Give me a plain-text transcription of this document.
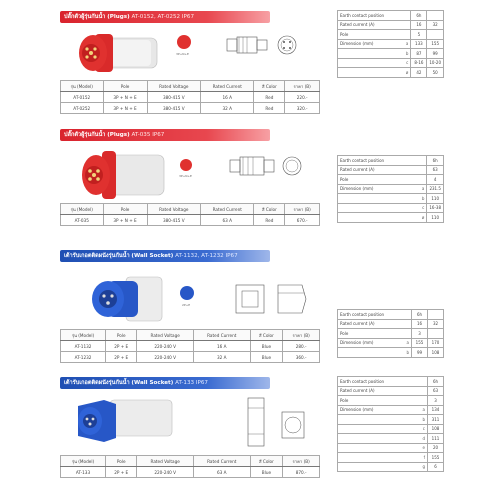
ปลั๊กตัวผู้รุ่นกันน้ำ (Plugs) AT-0152, AT-0252 IP67
3P+N+E
รุ่น (Model)	Pole	Rated Voltage	Rated Current	สี Color	ราคา (B)
AT-0152	3P + N + E	380-415 V	16 A	Red	220.-
AT-0252	3P + N + E	380-415 V	32 A	Red	320.-
Earth contact position		6h	
Rated current (A)		16	32
Pole		5	
Dimension (mm)	a	133	155
	b	87	99
	c	8-16	10-20
	ø	42	50
ปลั๊กตัวผู้รุ่นกันน้ำ (Plugs) AT-035 IP67
3P+N+E
รุ่น (Model)	Pole	Rated Voltage	Rated Current	สี Color	ราคา (B)
AT-035	3P + N + E	380-415 V	63 A	Red	670.-
Earth contact position		6h
Rated current (A)		63
Pole		4
Dimension (mm)	a	231.5
	b	110
	c	16-38
	ø	110
เต้ารับเกอตติดผนังรุ่นกันน้ำ (Wall Socket) AT-1132, AT-1232 IP67
2P+E
รุ่น (Model)	Pole	Rated Voltage	Rated Current	สี Color	ราคา (B)
AT-1132	2P + E	220-240 V	16 A	Blue	280.-
AT-1232	2P + E	220-240 V	32 A	Blue	360.-
Earth contact position		6h	
Rated current (A)		16	32
Pole		3	
Dimension (mm)	a	155	170
	b	99	108
เต้ารับเกอตติดผนังรุ่นกันน้ำ (Wall Socket) AT-133 IP67
รุ่น (Model)	Pole	Rated Voltage	Rated Current	สี Color	ราคา (B)
AT-133	2P + E	220-240 V	63 A	Blue	870.-
Earth contact position		6h
Rated current (A)		63
Pole		3
Dimension (mm)	a	134
	b	311
	c	108
	d	111
	e	20
	f	155
	g	6
